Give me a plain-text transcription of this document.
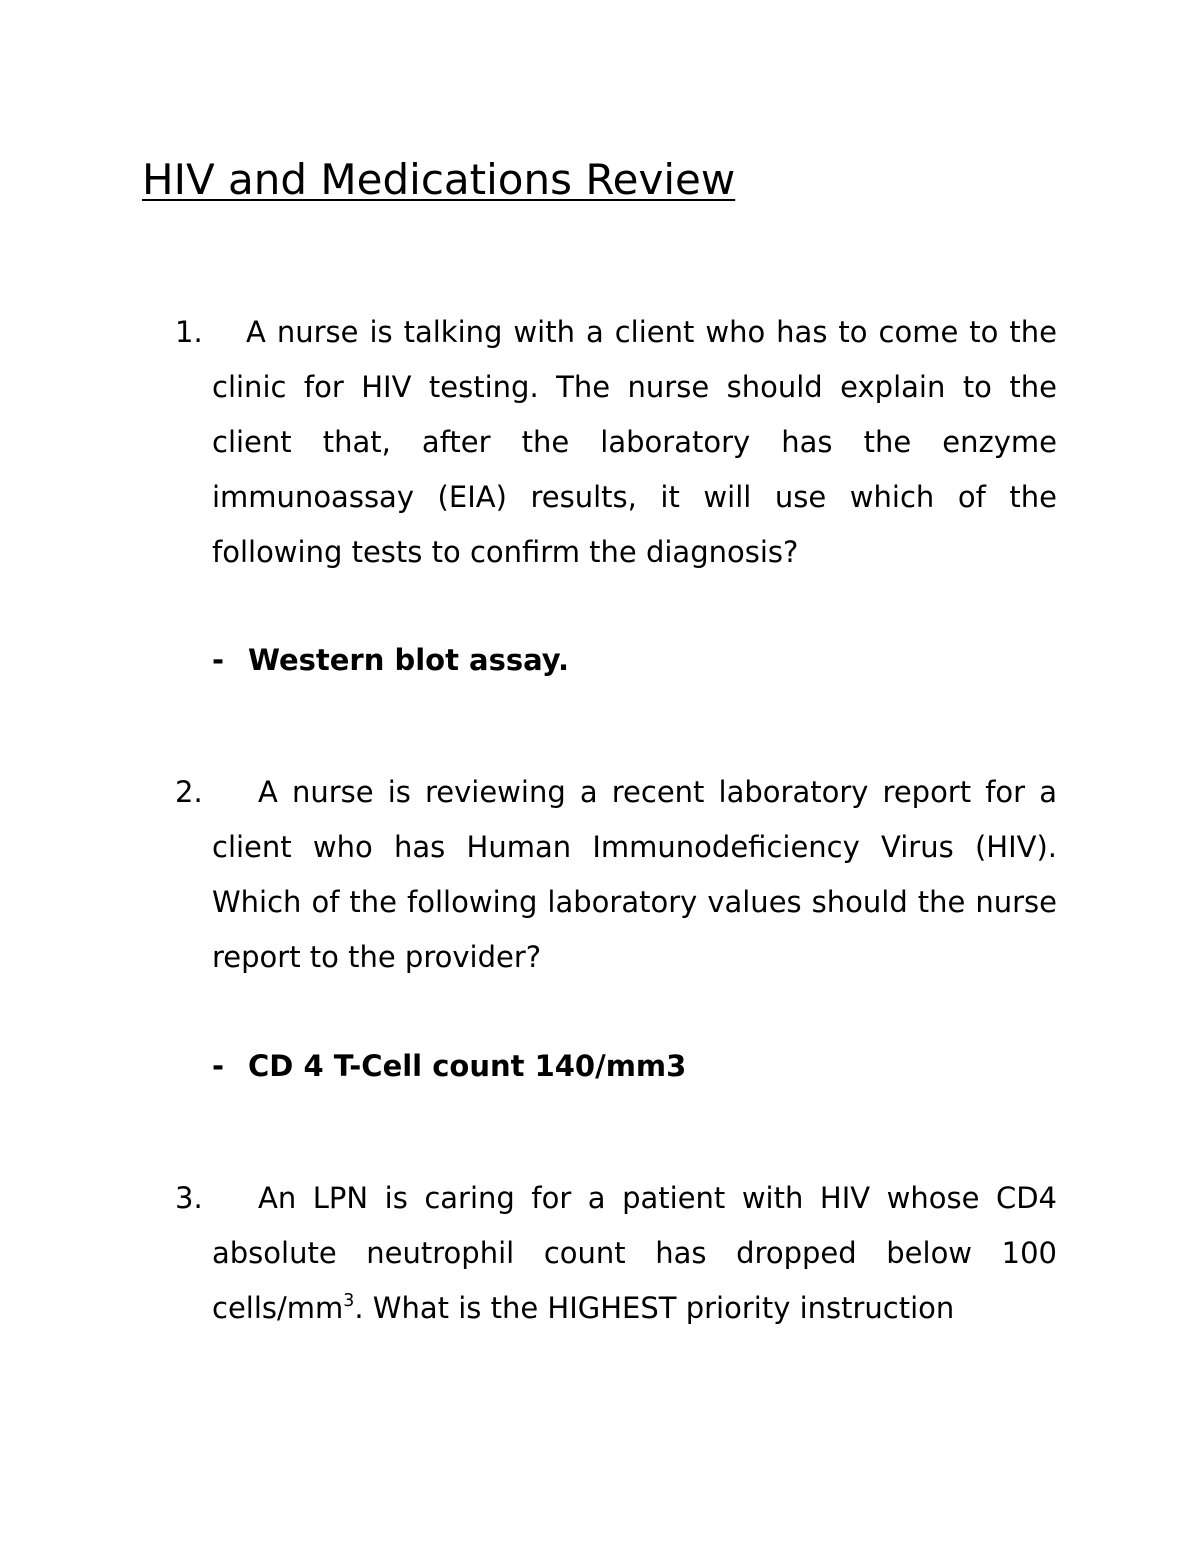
HIV and Medications Review

1. A nurse is talking with a client who has to come to the clinic for HIV testing. The nurse should explain to the client that, after the laboratory has the enzyme immunoassay (EIA) results, it will use which of the following tests to confirm the diagnosis?

- Western blot assay.

2. A nurse is reviewing a recent laboratory report for a client who has Human Immunodeficiency Virus (HIV). Which of the following laboratory values should the nurse report to the provider?

- CD 4 T-Cell count 140/mm3

3. An LPN is caring for a patient with HIV whose CD4 absolute neutrophil count has dropped below 100 cells/$mm^3$. What is the HIGHEST priority instruction
